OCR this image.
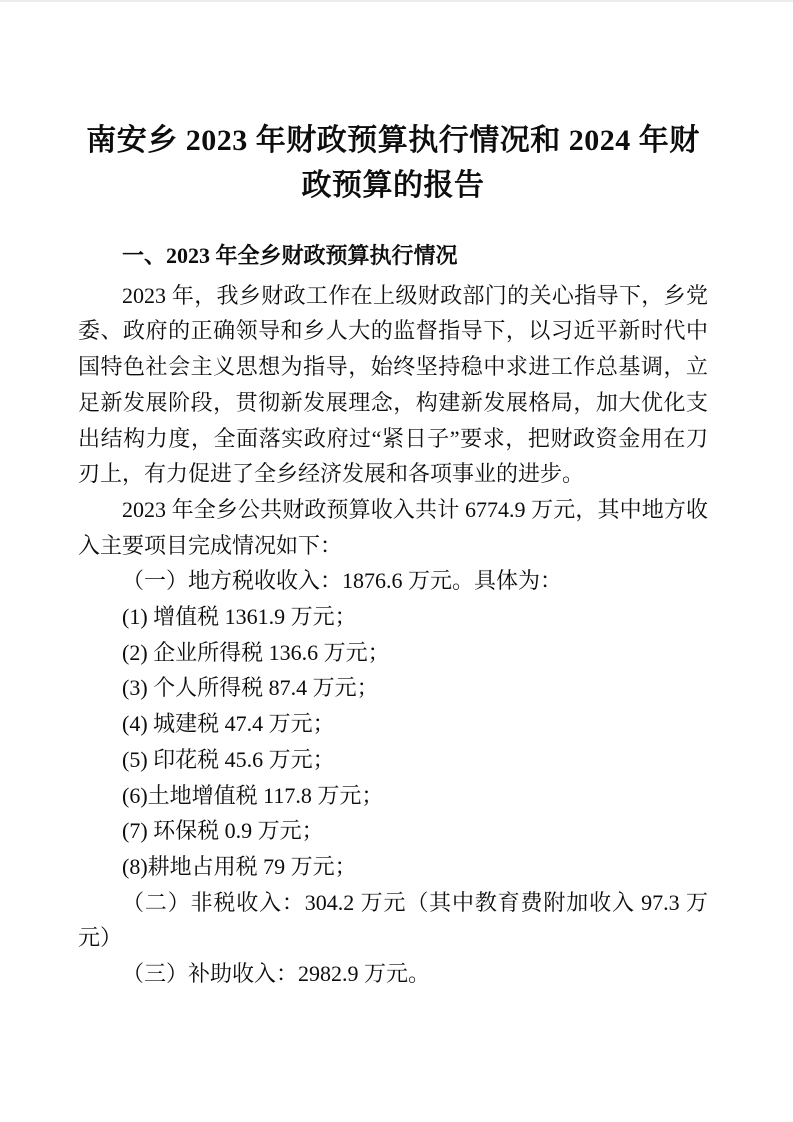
南安乡 2023 年财政预算执行情况和 2024 年财
政预算的报告
一、2023 年全乡财政预算执行情况

2023 年，我乡财政工作在上级财政部门的关心指导下，乡党委、政府的正确领导和乡人大的监督指导下，以习近平新时代中国特色社会主义思想为指导，始终坚持稳中求进工作总基调，立足新发展阶段，贯彻新发展理念，构建新发展格局，加大优化支出结构力度，全面落实政府过“紧日子”要求，把财政资金用在刀刃上，有力促进了全乡经济发展和各项事业的进步。

2023 年全乡公共财政预算收入共计 6774.9 万元，其中地方收入主要项目完成情况如下：

（一）地方税收收入：1876.6 万元。具体为：

(1) 增值税 1361.9 万元；

(2) 企业所得税 136.6 万元；

(3) 个人所得税 87.4 万元；

(4) 城建税 47.4 万元；

(5) 印花税 45.6 万元；

(6)土地增值税 117.8 万元；

(7) 环保税 0.9 万元；

(8)耕地占用税 79 万元；

（二）非税收入：304.2 万元（其中教育费附加收入 97.3 万元）

（三）补助收入：2982.9 万元。
